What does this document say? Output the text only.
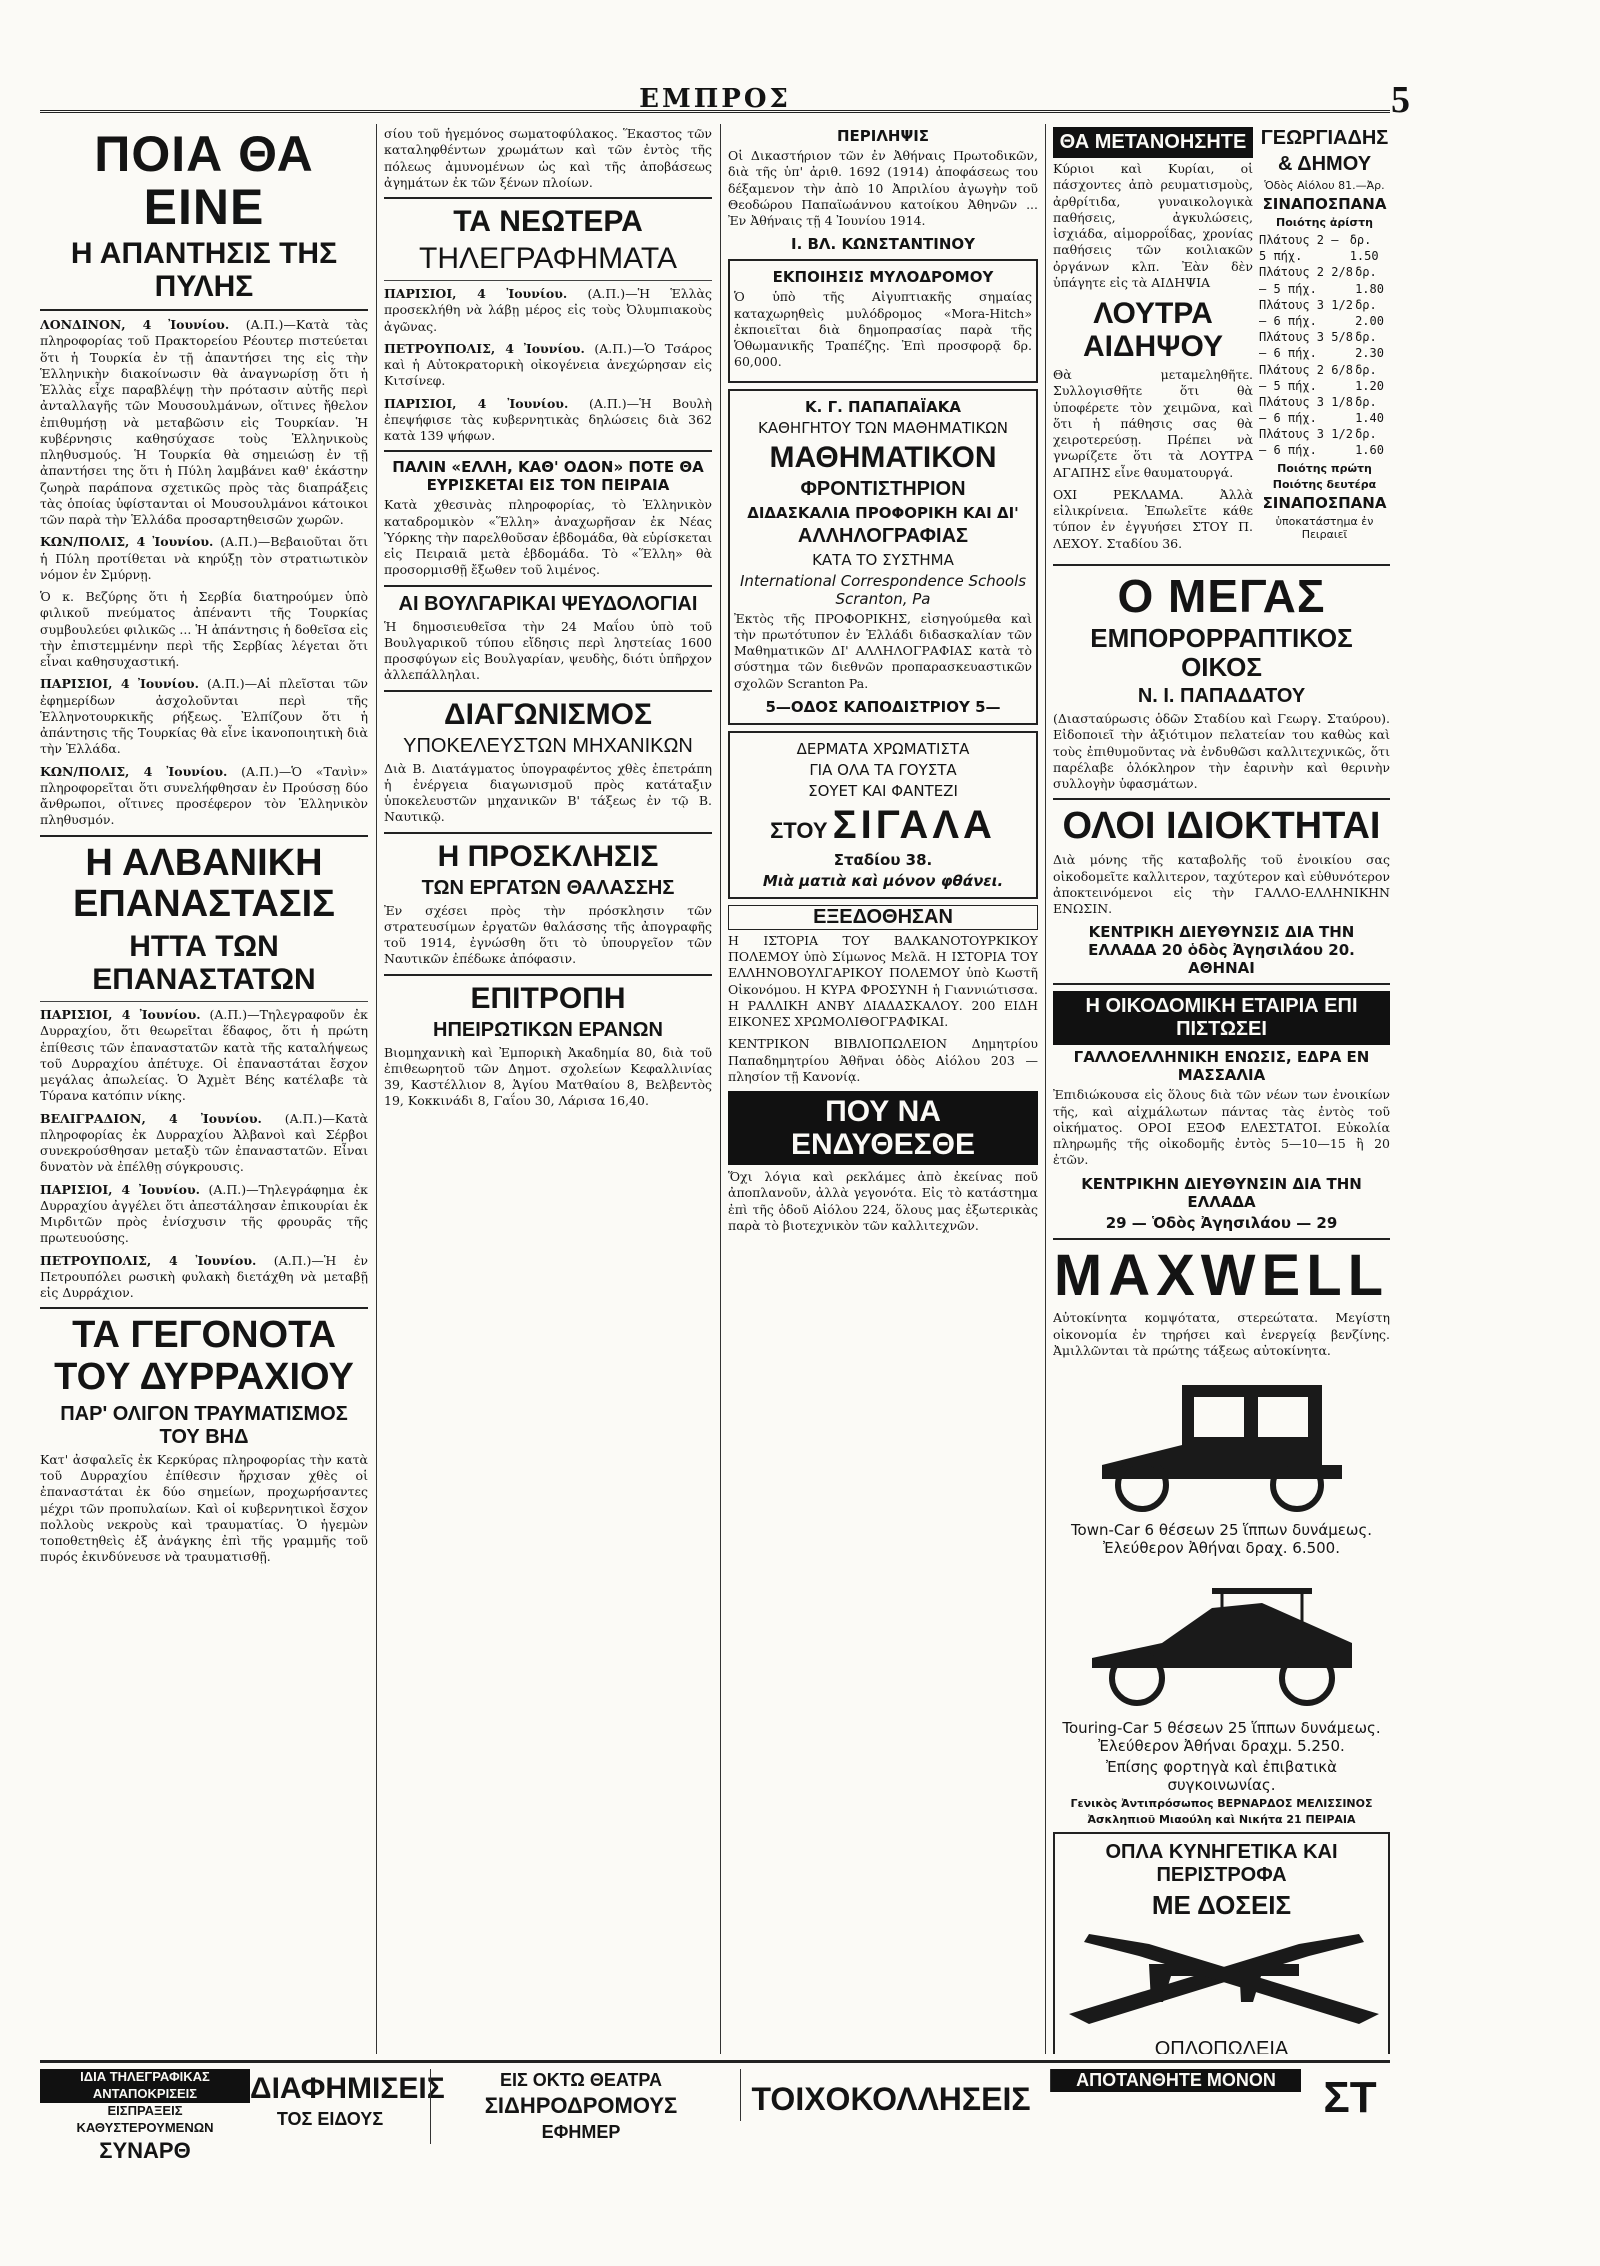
ΕΜΠΡΟΣ	5
ΠΟΙΑ ΘΑ ΕΙΝΕ
Η ΑΠΑΝΤΗΣΙΣ ΤΗΣ ΠΥΛΗΣ

ΛΟΝΔΙΝΟΝ, 4 Ἰουνίου. (Α.Π.)—Κατὰ τὰς πληροφορίας τοῦ Πρακτορείου Ρέουτερ πιστεύεται ὅτι ἡ Τουρκία ἐν τῇ ἀπαντήσει της εἰς τὴν Ἑλληνικὴν διακοίνωσιν θὰ ἀναγνωρίσῃ ὅτι ἡ Ἑλλὰς εἶχε παραβλέψῃ τὴν πρότασιν αὐτῆς περὶ ἀνταλλαγῆς τῶν Μουσουλμάνων, οἵτινες ἤθελον ἐπιθυμήσῃ νὰ μεταβῶσιν εἰς Τουρκίαν. Ἡ κυβέρνησις καθησύχασε τοὺς Ἑλληνικοὺς πληθυσμούς. Ἡ Τουρκία θὰ σημειώσῃ ἐν τῇ ἀπαντήσει της ὅτι ἡ Πύλη λαμβάνει καθ' ἑκάστην ζωηρὰ παράπονα σχετικῶς πρὸς τὰς διαπράξεις τὰς ὁποίας ὑφίστανται οἱ Μουσουλμάνοι κάτοικοι τῶν παρὰ τὴν Ἑλλάδα προσαρτηθεισῶν χωρῶν.

ΚΩΝ/ΠΟΛΙΣ, 4 Ἰουνίου. (Α.Π.)—Βεβαιοῦται ὅτι ἡ Πύλη προτίθεται νὰ κηρύξῃ τὸν στρατιωτικὸν νόμον ἐν Σμύρνῃ.

Ὁ κ. Βεζύρης ὅτι ἡ Σερβία διατηρούμεν ὑπὸ φιλικοῦ πνεύματος ἀπέναντι τῆς Τουρκίας συμβουλεύει φιλικῶς ... Ἡ ἀπάντησις ἡ δοθεῖσα εἰς τὴν ἐπιστεμμένην περὶ τῆς Σερβίας λέγεται ὅτι εἶναι καθησυχαστική.

ΠΑΡΙΣΙΟΙ, 4 Ἰουνίου. (Α.Π.)—Αἱ πλεῖσται τῶν ἐφημερίδων ἀσχολοῦνται περὶ τῆς Ἑλληνοτουρκικῆς ρήξεως. Ἐλπίζουν ὅτι ἡ ἀπάντησις τῆς Τουρκίας θὰ εἶνε ἱκανοποιητικὴ διὰ τὴν Ἑλλάδα.

ΚΩΝ/ΠΟΛΙΣ, 4 Ἰουνίου. (Α.Π.)—Ὁ «Τανὶν» πληροφορεῖται ὅτι συνελήφθησαν ἐν Προύσσῃ δύο ἄνθρωποι, οἵτινες προσέφερον τὸν Ἑλληνικὸν πληθυσμόν.

Η ΑΛΒΑΝΙΚΗ ΕΠΑΝΑΣΤΑΣΙΣ
ΗΤΤΑ ΤΩΝ ΕΠΑΝΑΣΤΑΤΩΝ

ΠΑΡΙΣΙΟΙ, 4 Ἰουνίου. (Α.Π.)—Τηλεγραφοῦν ἐκ Δυρραχίου, ὅτι θεωρεῖται ἕδαφος, ὅτι ἡ πρώτη ἐπίθεσις τῶν ἐπαναστατῶν κατὰ τῆς καταλήψεως τοῦ Δυρραχίου ἀπέτυχε. Οἱ ἐπαναστάται ἔσχον μεγάλας ἀπωλείας. Ὁ Ἀχμὲτ Βέης κατέλαβε τὰ Τύρανα κατόπιν νίκης.

ΒΕΛΙΓΡΑΔΙΟΝ, 4 Ἰουνίου. (Α.Π.)—Κατὰ πληροφορίας ἐκ Δυρραχίου Ἀλβανοὶ καὶ Σέρβοι συνεκρούσθησαν μεταξὺ τῶν ἐπαναστατῶν. Εἶναι δυνατὸν νὰ ἐπέλθῃ σύγκρουσις.

ΠΑΡΙΣΙΟΙ, 4 Ἰουνίου. (Α.Π.)—Τηλεγράφημα ἐκ Δυρραχίου ἀγγέλει ὅτι ἀπεστάλησαν ἐπικουρίαι ἐκ Μιρδιτῶν πρὸς ἐνίσχυσιν τῆς φρουρᾶς τῆς πρωτευούσης.

ΠΕΤΡΟΥΠΟΛΙΣ, 4 Ἰουνίου. (Α.Π.)—Ἡ ἐν Πετρουπόλει ρωσικὴ φυλακὴ διετάχθη νὰ μεταβῇ εἰς Δυρράχιον.

ΤΑ ΓΕΓΟΝΟΤΑ ΤΟΥ ΔΥΡΡΑΧΙΟΥ
ΠΑΡ' ΟΛΙΓΟΝ ΤΡΑΥΜΑΤΙΣΜΟΣ ΤΟΥ ΒΗΔ

Κατ' ἀσφαλεῖς ἐκ Κερκύρας πληροφορίας τὴν κατὰ τοῦ Δυρραχίου ἐπίθεσιν ἤρχισαν χθὲς οἱ ἐπαναστάται ἐκ δύο σημείων, προχωρήσαντες μέχρι τῶν προπυλαίων. Καὶ οἱ κυβερνητικοὶ ἔσχον πολλοὺς νεκροὺς καὶ τραυματίας. Ὁ ἡγεμὼν τοποθετηθεὶς ἐξ ἀνάγκης ἐπὶ τῆς γραμμῆς τοῦ πυρός ἐκινδύνευσε νὰ τραυματισθῇ.

σίου τοῦ ἡγεμόνος σωματοφύλακος. Ἕκαστος τῶν καταληφθέντων χρωμάτων καὶ τῶν ἐντὸς τῆς πόλεως ἀμυνομένων ὡς καὶ τῆς ἀποβάσεως ἀγημάτων ἐκ τῶν ξένων πλοίων.

ΤΑ ΝΕΩΤΕΡΑ
ΤΗΛΕΓΡΑΦΗΜΑΤΑ

ΠΑΡΙΣΙΟΙ, 4 Ἰουνίου. (Α.Π.)—Ἡ Ἑλλὰς προσεκλήθη νὰ λάβῃ μέρος εἰς τοὺς Ὀλυμπιακοὺς ἀγῶνας.

ΠΕΤΡΟΥΠΟΛΙΣ, 4 Ἰουνίου. (Α.Π.)—Ὁ Τσάρος καὶ ἡ Αὐτοκρατορικὴ οἰκογένεια ἀνεχώρησαν εἰς Κιτσίνεφ.

ΠΑΡΙΣΙΟΙ, 4 Ἰουνίου. (Α.Π.)—Ἡ Βουλὴ ἐπεψήφισε τὰς κυβερνητικὰς δηλώσεις διὰ 362 κατὰ 139 ψήφων.

ΠΑΛΙΝ «ΕΛΛΗ, ΚΑΘ' ΟΔΟΝ» ΠΟΤΕ ΘΑ ΕΥΡΙΣΚΕΤΑΙ ΕΙΣ ΤΟΝ ΠΕΙΡΑΙΑ

Κατὰ χθεσινὰς πληροφορίας, τὸ Ἑλληνικὸν καταδρομικὸν «Ἕλλη» ἀναχωρῆσαν ἐκ Νέας Ὑόρκης τὴν παρελθοῦσαν ἑβδομάδα, θὰ εὑρίσκεται εἰς Πειραιᾶ μετὰ ἑβδομάδα. Τὸ «Ἕλλη» θὰ προσορμισθῇ ἔξωθεν τοῦ λιμένος.

ΑΙ ΒΟΥΛΓΑΡΙΚΑΙ ΨΕΥΔΟΛΟΓΙΑΙ

Ἡ δημοσιευθεῖσα τὴν 24 Μαΐου ὑπὸ τοῦ Βουλγαρικοῦ τύπου εἴδησις περὶ ληστείας 1600 προσφύγων εἰς Βουλγαρίαν, ψευδὴς, διότι ὑπῆρχον ἀλλεπάλληλαι.

ΔΙΑΓΩΝΙΣΜΟΣ
ΥΠΟΚΕΛΕΥΣΤΩΝ ΜΗΧΑΝΙΚΩΝ

Διὰ Β. Διατάγματος ὑπογραφέντος χθὲς ἐπετράπη ἡ ἐνέργεια διαγωνισμοῦ πρὸς κατάταξιν ὑποκελευστῶν μηχανικῶν Β' τάξεως ἐν τῷ Β. Ναυτικῷ.

Η ΠΡΟΣΚΛΗΣΙΣ
ΤΩΝ ΕΡΓΑΤΩΝ ΘΑΛΑΣΣΗΣ

Ἐν σχέσει πρὸς τὴν πρόσκλησιν τῶν στρατευσίμων ἐργατῶν θαλάσσης τῆς ἀπογραφῆς τοῦ 1914, ἐγνώσθη ὅτι τὸ ὑπουργεῖον τῶν Ναυτικῶν ἐπέδωκε ἀπόφασιν.

ΕΠΙΤΡΟΠΗ
ΗΠΕΙΡΩΤΙΚΩΝ ΕΡΑΝΩΝ

Βιομηχανικὴ καὶ Ἐμπορικὴ Ἀκαδημία 80, διὰ τοῦ ἐπιθεωρητοῦ τῶν Δημοτ. σχολείων Κεφαλλινίας 39, Καστέλλιον 8, Ἁγίου Ματθαίου 8, Βελβεντὸς 19, Κοκκινάδι 8, Γαΐου 30, Λάρισα 16,40.

ΠΕΡΙΛΗΨΙΣ

Οἱ Δικαστήριον τῶν ἐν Ἀθήναις Πρωτοδικῶν, διὰ τῆς ὑπ' ἀριθ. 1692 (1914) ἀποφάσεως του δέξαμενον τὴν ἀπὸ 10 Ἀπριλίου ἀγωγὴν τοῦ Θεοδώρου Παπαϊωάννου κατοίκου Ἀθηνῶν ... Ἐν Ἀθήναις τῇ 4 Ἰουνίου 1914.

Ι. ΒΛ. ΚΩΝΣΤΑΝΤΙΝΟΥ
ΕΚΠΟΙΗΣΙΣ ΜΥΛΟΔΡΟΜΟΥ

Ὁ ὑπὸ τῆς Αἰγυπτιακῆς σημαίας καταχωρηθεὶς μυλόδρομος «Mora-Hitch» ἐκποιεῖται διὰ δημοπρασίας παρὰ τῆς Ὁθωμανικῆς Τραπέζης. Ἐπὶ προσφορᾷ δρ. 60,000.

Κ. Γ. ΠΑΠΑΠΑΪΑΚΑ
ΚΑΘΗΓΗΤΟΥ ΤΩΝ ΜΑΘΗΜΑΤΙΚΩΝ
ΜΑΘΗΜΑΤΙΚΟΝ
ΦΡΟΝΤΙΣΤΗΡΙΟΝ
ΔΙΔΑΣΚΑΛΙΑ ΠΡΟΦΟΡΙΚΗ ΚΑΙ ΔΙ'
ΑΛΛΗΛΟΓΡΑΦΙΑΣ
ΚΑΤΑ ΤΟ ΣΥΣΤΗΜΑ
International Correspondence Schools Scranton, Pa

Ἐκτὸς τῆς ΠΡΟΦΟΡΙΚΗΣ, εἰσηγούμεθα καὶ τὴν πρωτότυπον ἐν Ἑλλάδι διδασκαλίαν τῶν Μαθηματικῶν ΔΙ' ΑΛΛΗΛΟΓΡΑΦΙΑΣ κατὰ τὸ σύστημα τῶν διεθνῶν προπαρασκευαστικῶν σχολῶν Scranton Pa.

5—ΟΔΟΣ ΚΑΠΟΔΙΣΤΡΙΟΥ 5—
ΔΕΡΜΑΤΑ ΧΡΩΜΑΤΙΣΤΑ
ΓΙΑ ΟΛΑ ΤΑ ΓΟΥΣΤΑ
ΣΟΥΕΤ ΚΑΙ ΦΑΝΤΕΖΙ
ΣΤΟΥ ΣΙΓΑΛΑ
Σταδίου 38.
Μιὰ ματιὰ καὶ μόνον φθάνει.
ΕΞΕΔΟΘΗΣΑΝ

Η ΙΣΤΟΡΙΑ ΤΟΥ ΒΑΛΚΑΝΟΤΟΥΡΚΙΚΟΥ ΠΟΛΕΜΟΥ ὑπὸ Σίμωνος Μελᾶ. Η ΙΣΤΟΡΙΑ ΤΟΥ ΕΛΛΗΝΟΒΟΥΛΓΑΡΙΚΟΥ ΠΟΛΕΜΟΥ ὑπὸ Κωστῆ Οἰκονόμου. Η ΚΥΡΑ ΦΡΟΣΥΝΗ ἡ Γιαννιώτισσα. Η ΡΑΛΛΙΚΗ ΑΝΒΥ ΔΙΑΔΑΣΚΑΛΟΥ. 200 ΕΙΔΗ ΕΙΚΟΝΕΣ ΧΡΩΜΟΛΙΘΟΓΡΑΦΙΚΑΙ.

ΚΕΝΤΡΙΚΟΝ ΒΙΒΛΙΟΠΩΛΕΙΟΝ Δημητρίου Παπαδημητρίου Ἀθῆναι ὁδὸς Αἰόλου 203 —πλησίον τῇ Κανονίᾳ.

ΠΟΥ ΝΑ ΕΝΔΥΘΕΣΘΕ

Ὅχι λόγια καὶ ρεκλάμες ἀπὸ ἐκείνας ποῦ ἀποπλανοῦν, ἀλλὰ γεγονότα. Εἰς τὸ κατάστημα ἐπὶ τῆς ὁδοῦ Αἰόλου 224, ὅλους μας ἐξωτερικὰς παρὰ τὸ βιοτεχνικὸν τῶν καλλιτεχνῶν.

ΘΑ ΜΕΤΑΝΟΗΣΗΤΕ

Κύριοι καὶ Κυρίαι, οἱ πάσχοντες ἀπὸ ρευματισμοὺς, ἀρθρίτιδα, γυναικολογικὰ παθήσεις, ἀγκυλώσεις, ἰσχιάδα, αἱμορροΐδας, χρονίας παθήσεις τῶν κοιλιακῶν ὀργάνων κλπ. Ἐὰν δὲν ὑπάγητε εἰς τὰ ΑΙΔΗΨΙΑ

ΛΟΥΤΡΑ ΑΙΔΗΨΟΥ

Θὰ μεταμεληθῆτε. Συλλογισθῆτε ὅτι θὰ ὑποφέρετε τὸν χειμῶνα, καὶ ὅτι ἡ πάθησις σας θὰ χειροτερεύσῃ. Πρέπει νὰ γνωρίζετε ὅτι τὰ ΛΟΥΤΡΑ ΑΓΑΠΗΣ εἶνε θαυματουργά.

ΟΧΙ ΡΕΚΛΑΜΑ. Ἀλλὰ εἰλικρίνεια. Ἐπωλεῖτε κάθε τύπον ἐν ἐγγυήσει ΣΤΟΥ Π. ΛΕΧΟΥ. Σταδίου 36.

ΓΕΩΡΓΙΑΔΗΣ
& ΔΗΜΟΥ
Ὁδὸς Αἰόλου 81.—Ἀρ.
ΣΙΝΑΠΟΣΠΑΝΑ
Ποιότης ἀρίστη
Πλάτους 2 — 5 πήχ.
δρ. 1.50
Πλάτους 2 2/8 — 5 πήχ.
δρ. 1.80
Πλάτους 3 1/2 — 6 πήχ.
δρ. 2.00
Πλάτους 3 5/8 — 6 πήχ.
δρ. 2.30
Πλάτους 2 6/8 — 5 πήχ.
δρ. 1.20
Πλάτους 3 1/8 — 6 πήχ.
δρ. 1.40
Πλάτους 3 1/2 — 6 πήχ.
δρ. 1.60
Ποιότης πρώτη
Ποιότης δευτέρα
ΣΙΝΑΠΟΣΠΑΝΑ
ὑποκατάστημα ἐν Πειραιεῖ
Ο ΜΕΓΑΣ
ΕΜΠΟΡΟΡΡΑΠΤΙΚΟΣ ΟΙΚΟΣ
Ν. Ι. ΠΑΠΑΔΑΤΟΥ

(Διασταύρωσις ὁδῶν Σταδίου καὶ Γεωργ. Σταύρου). Εἰδοποιεῖ τὴν ἀξιότιμον πελατείαν του καθὼς καὶ τοὺς ἐπιθυμοῦντας νὰ ἐνδυθῶσι καλλιτεχνικῶς, ὅτι παρέλαβε ὁλόκληρον τὴν ἐαρινὴν καὶ θερινὴν συλλογὴν ὑφασμάτων.

ΟΛΟΙ ΙΔΙΟΚΤΗΤΑΙ

Διὰ μόνης τῆς καταβολῆς τοῦ ἐνοικίου σας οἰκοδομεῖτε καλλιτερον, ταχύτερον καὶ εὐθυνότερον ἀποκτεινόμενοι εἰς τὴν ΓΑΛΛΟ-ΕΛΛΗΝΙΚΗΝ ΕΝΩΣΙΝ.

ΚΕΝΤΡΙΚΗ ΔΙΕΥΘΥΝΣΙΣ ΔΙΑ ΤΗΝ ΕΛΛΑΔΑ 20 ὁδὸς Ἀγησιλάου 20. ΑΘΗΝΑΙ
Η ΟΙΚΟΔΟΜΙΚΗ ΕΤΑΙΡΙΑ ΕΠΙ ΠΙΣΤΩΣΕΙ
ΓΑΛΛΟΕΛΛΗΝΙΚΗ ΕΝΩΣΙΣ, ΕΔΡΑ ΕΝ ΜΑΣΣΑΛΙΑ

Ἐπιδιώκουσα εἰς ὅλους διὰ τῶν νέων των ἐνοικίων τῆς, καὶ αἰχμάλωτων πάντας τὰς ἐντὸς τοῦ οἰκήματος. ΟΡΟΙ ΕΞΟΦ ΕΛΕΣΤΑΤΟΙ. Εὐκολία πληρωμῆς τῆς οἰκοδομῆς ἐντὸς 5—10—15 ἢ 20 ἐτῶν.

ΚΕΝΤΡΙΚΗΝ ΔΙΕΥΘΥΝΣΙΝ ΔΙΑ ΤΗΝ ΕΛΛΑΔΑ
29 — Ὁδὸς Ἀγησιλάου — 29
MAXWELL

Αὐτοκίνητα κομψότατα, στερεώτατα. Μεγίστη οἰκονομία ἐν τηρήσει καὶ ἐνεργείᾳ βενζίνης. Ἀμιλλῶνται τὰ πρώτης τάξεως αὐτοκίνητα.

Town-Car 6 θέσεων 25 ἵππων δυνάμεως. Ἐλεύθερον Ἀθήναι δραχ. 6.500.
Touring-Car 5 θέσεων 25 ἵππων δυνάμεως. Ἐλεύθερον Ἀθήναι δραχμ. 5.250.
Ἐπίσης φορτηγὰ καὶ ἐπιβατικὰ συγκοινωνίας.
Γενικὸς Ἀντιπρόσωπος ΒΕΡΝΑΡΔΟΣ ΜΕΛΙΣΣΙΝΟΣ
Ἀσκληπιοῦ Μιαούλη καὶ Νικήτα 21 ΠΕΙΡΑΙΑ
ΟΠΛΑ ΚΥΝΗΓΕΤΙΚΑ ΚΑΙ ΠΕΡΙΣΤΡΟΦΑ
ΜΕ ΔΟΣΕΙΣ
ΟΠΛΟΠΩΛΕΙΑ
ΙΔΙΑ ΤΗΛΕΓΡΑΦΙΚΑΣ ΑΝΤΑΠΟΚΡΙΣΕΙΣ
ΕΙΣΠΡΑΞΕΙΣ ΚΑΘΥΣΤΕΡΟΥΜΕΝΩΝ
ΣΥΝΑΡΘ
ΔΙΑΦΗΜΙΣΕΙΣ
ΤΟΣ ΕΙΔΟΥΣ
ΕΙΣ ΟΚΤΩ ΘΕΑΤΡΑ
ΣΙΔΗΡΟΔΡΟΜΟΥΣ
ΕΦΗΜΕΡ
ΤΟΙΧΟΚΟΛΛΗΣΕΙΣ
ΑΠΟΤΑΝΘΗΤΕ ΜΟΝΟΝ	ΣΤ
